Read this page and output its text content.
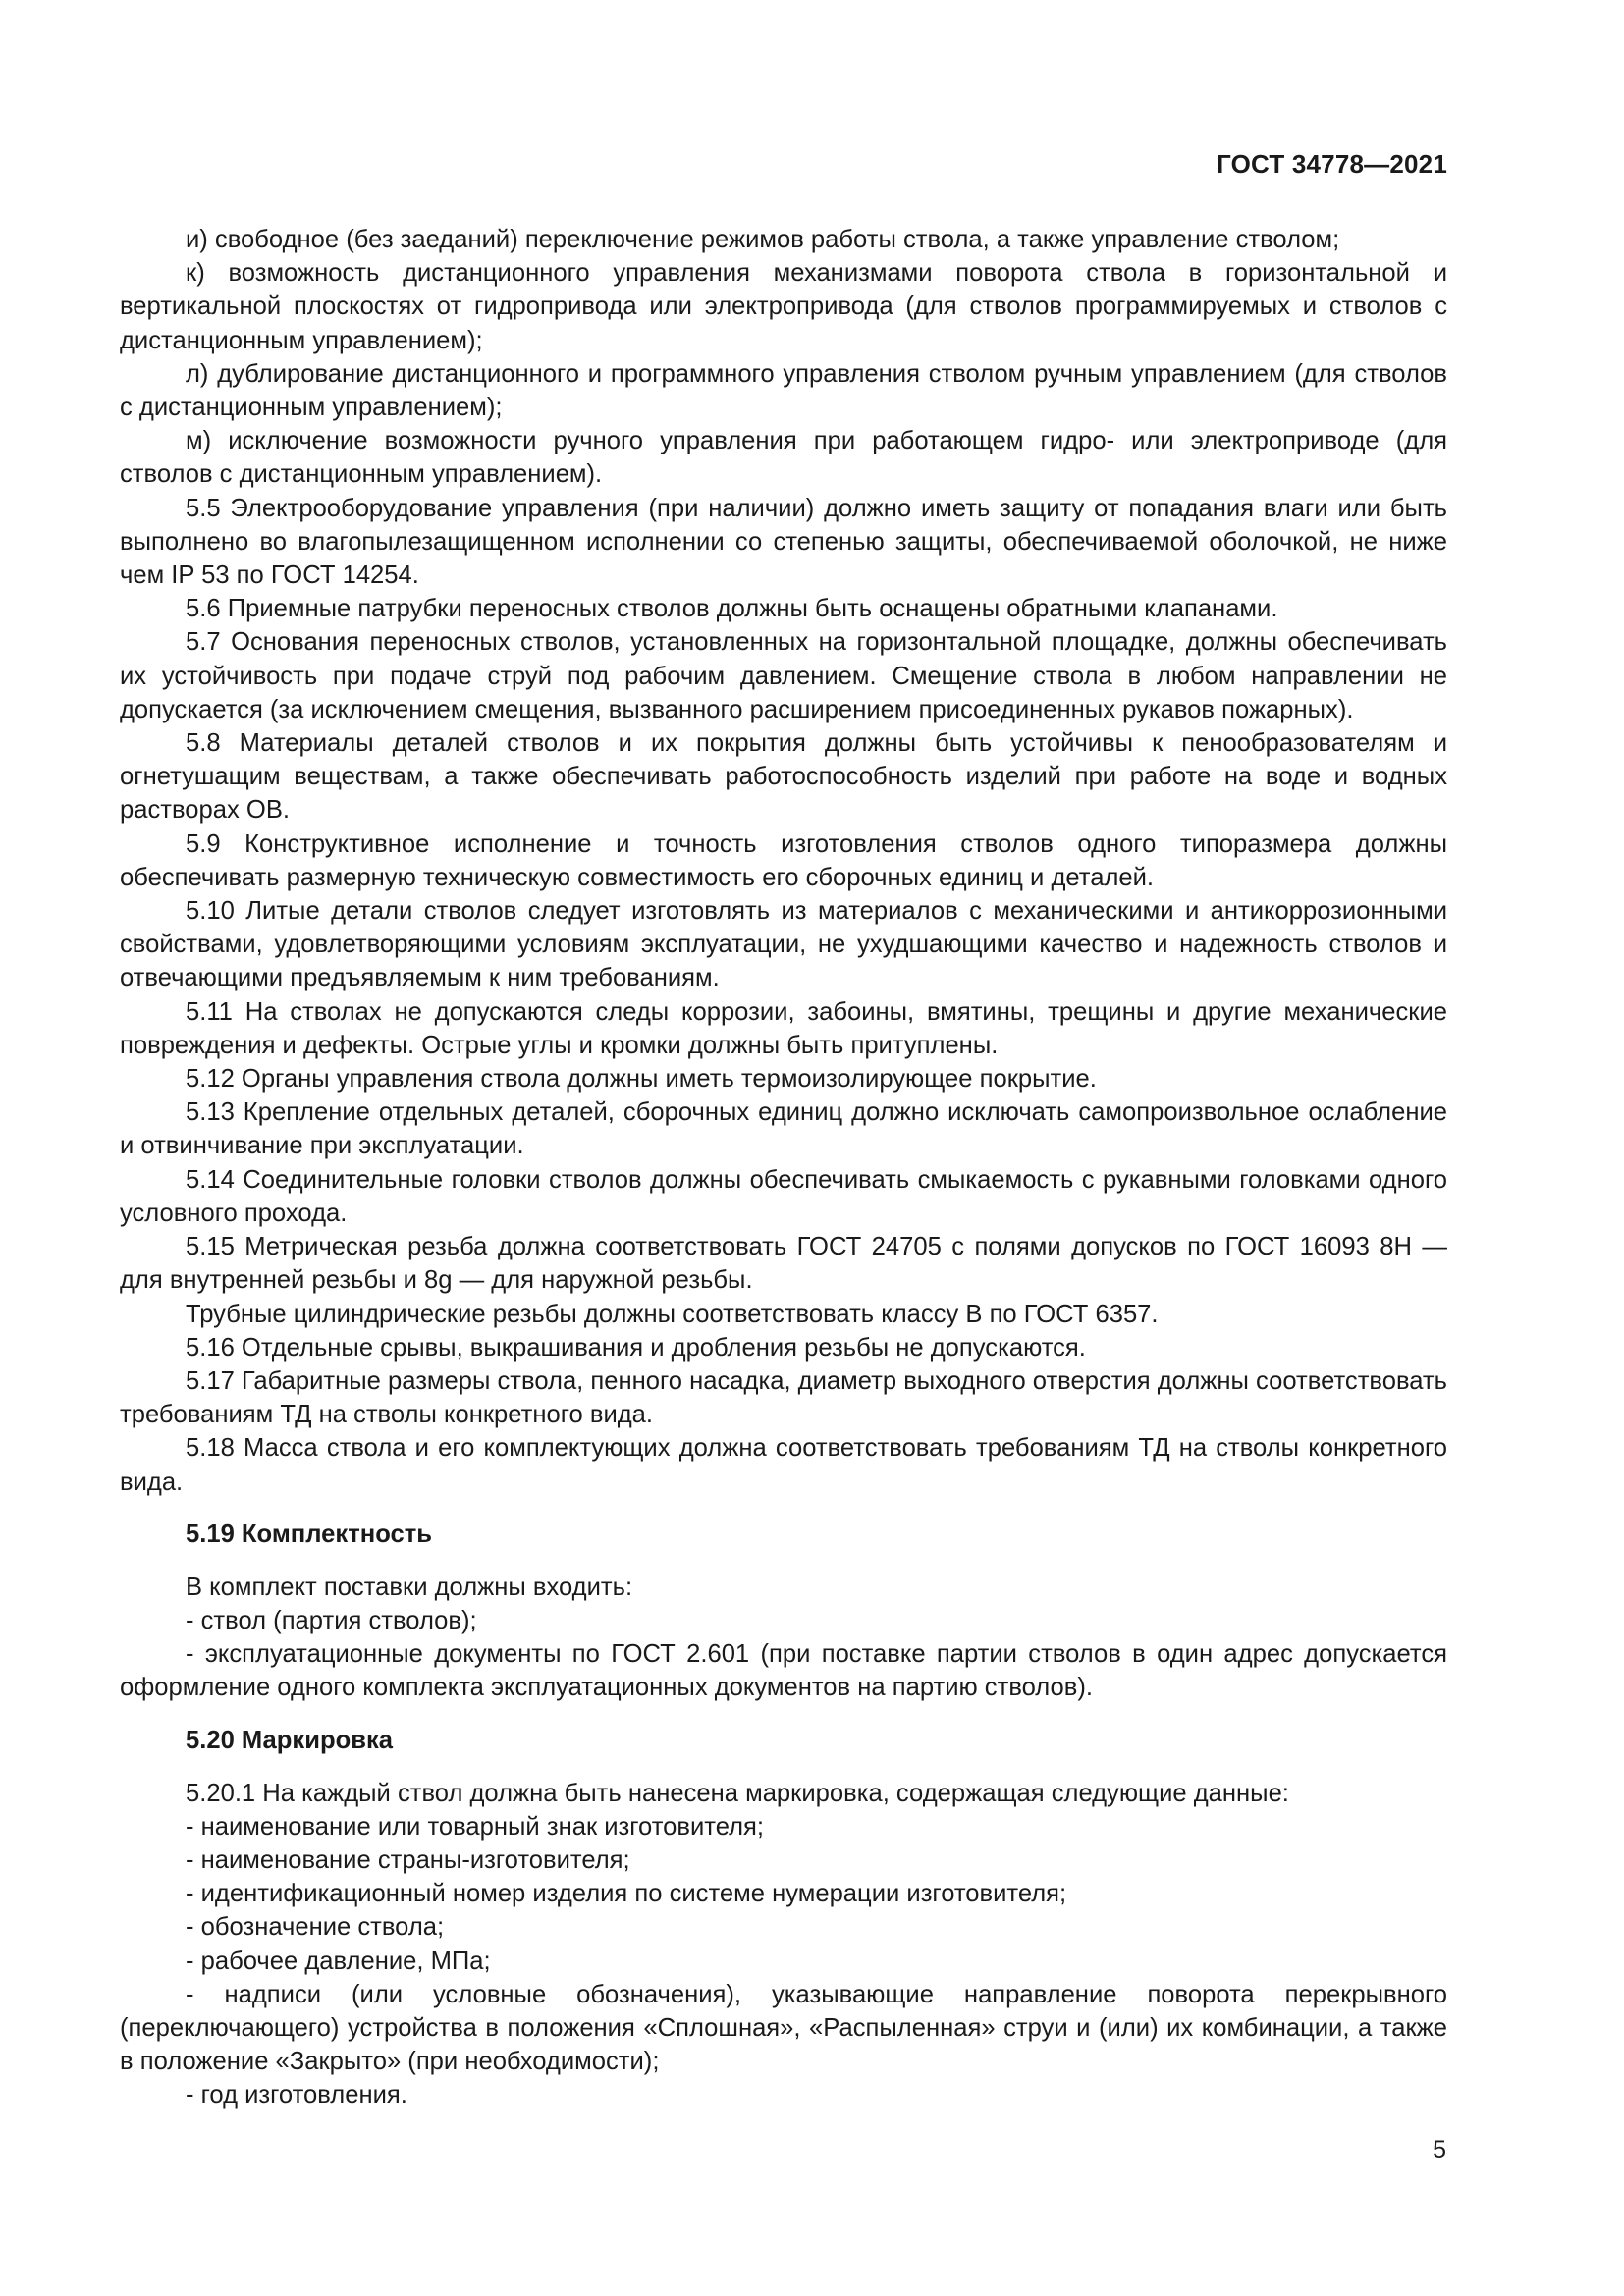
ГОСТ 34778—2021

и) свободное (без заеданий) переключение режимов работы ствола, а также управление стволом;

к) возможность дистанционного управления механизмами поворота ствола в горизонтальной и вертикальной плоскостях от гидропривода или электропривода (для стволов программируемых и стволов с дистанционным управлением);

л) дублирование дистанционного и программного управления стволом ручным управлением (для стволов с дистанционным управлением);

м) исключение возможности ручного управления при работающем гидро- или электроприводе (для стволов с дистанционным управлением).

5.5 Электрооборудование управления (при наличии) должно иметь защиту от попадания влаги или быть выполнено во влагопылезащищенном исполнении со степенью защиты, обеспечиваемой оболочкой, не ниже чем IP 53 по ГОСТ 14254.

5.6 Приемные патрубки переносных стволов должны быть оснащены обратными клапанами.

5.7 Основания переносных стволов, установленных на горизонтальной площадке, должны обеспечивать их устойчивость при подаче струй под рабочим давлением. Смещение ствола в любом направлении не допускается (за исключением смещения, вызванного расширением присоединенных рукавов пожарных).

5.8 Материалы деталей стволов и их покрытия должны быть устойчивы к пенообразователям и огнетушащим веществам, а также обеспечивать работоспособность изделий при работе на воде и водных растворах ОВ.

5.9 Конструктивное исполнение и точность изготовления стволов одного типоразмера должны обеспечивать размерную техническую совместимость его сборочных единиц и деталей.

5.10 Литые детали стволов следует изготовлять из материалов с механическими и антикоррозионными свойствами, удовлетворяющими условиям эксплуатации, не ухудшающими качество и надежность стволов и отвечающими предъявляемым к ним требованиям.

5.11 На стволах не допускаются следы коррозии, забоины, вмятины, трещины и другие механические повреждения и дефекты. Острые углы и кромки должны быть притуплены.

5.12 Органы управления ствола должны иметь термоизолирующее покрытие.

5.13 Крепление отдельных деталей, сборочных единиц должно исключать самопроизвольное ослабление и отвинчивание при эксплуатации.

5.14 Соединительные головки стволов должны обеспечивать смыкаемость с рукавными головками одного условного прохода.

5.15 Метрическая резьба должна соответствовать ГОСТ 24705 с полями допусков по ГОСТ 16093 8H — для внутренней резьбы и 8g — для наружной резьбы.

Трубные цилиндрические резьбы должны соответствовать классу В по ГОСТ 6357.

5.16 Отдельные срывы, выкрашивания и дробления резьбы не допускаются.

5.17 Габаритные размеры ствола, пенного насадка, диаметр выходного отверстия должны соответствовать требованиям ТД на стволы конкретного вида.

5.18 Масса ствола и его комплектующих должна соответствовать требованиям ТД на стволы конкретного вида.

5.19 Комплектность

В комплект поставки должны входить:

- ствол (партия стволов);

- эксплуатационные документы по ГОСТ 2.601 (при поставке партии стволов в один адрес допускается оформление одного комплекта эксплуатационных документов на партию стволов).

5.20 Маркировка

5.20.1 На каждый ствол должна быть нанесена маркировка, содержащая следующие данные:

- наименование или товарный знак изготовителя;

- наименование страны-изготовителя;

- идентификационный номер изделия по системе нумерации изготовителя;

- обозначение ствола;

- рабочее давление, МПа;

- надписи (или условные обозначения), указывающие направление поворота перекрывного (переключающего) устройства в положения «Сплошная», «Распыленная» струи и (или) их комбинации, а также в положение «Закрыто» (при необходимости);

- год изготовления.

5
